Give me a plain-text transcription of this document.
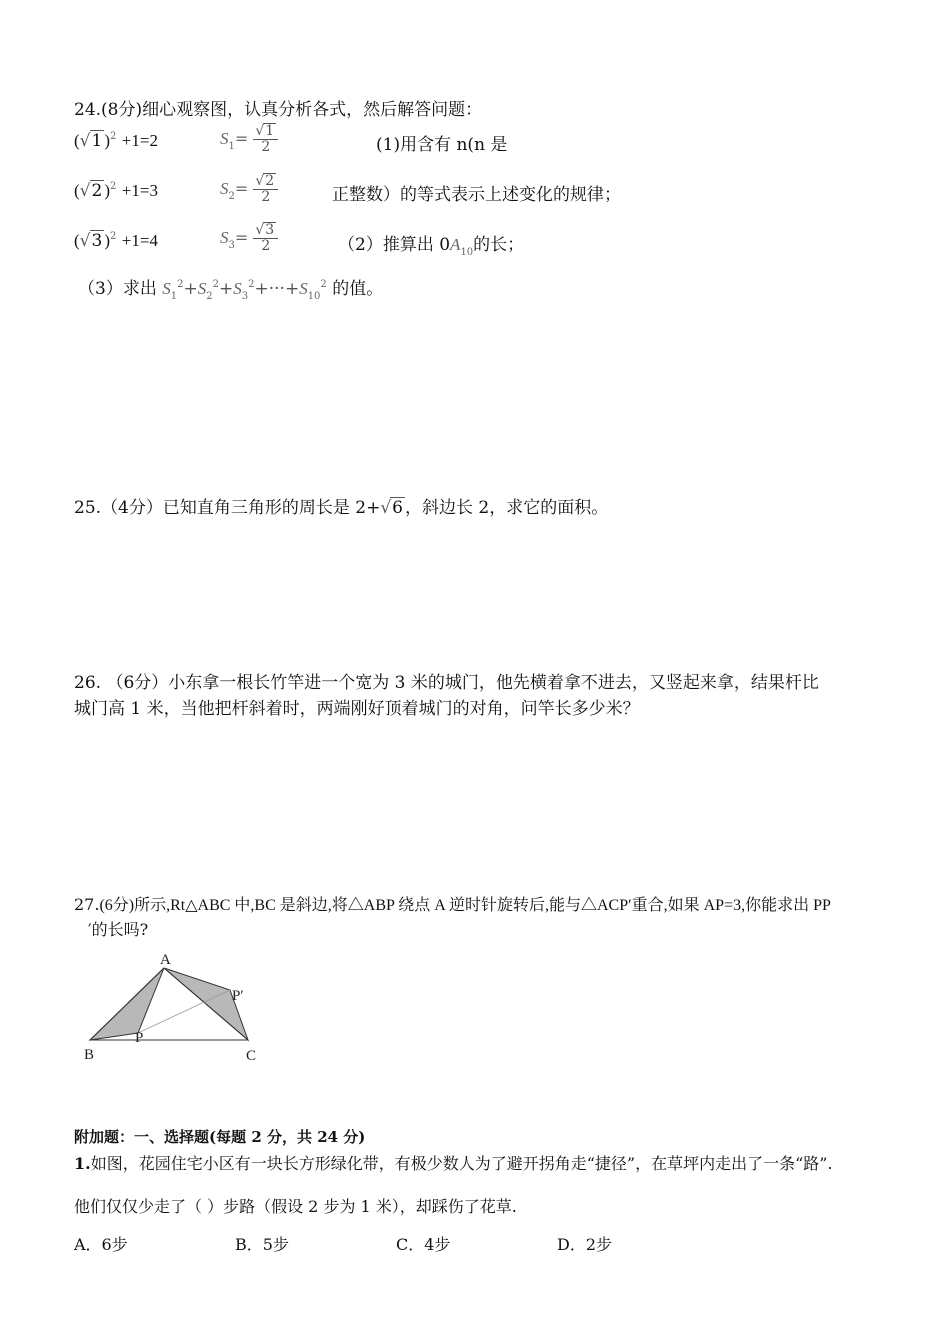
24.(8分)细心观察图，认真分析各式，然后解答问题：
(√1 )$^2$ +1=2	$S_1= \frac{√1}{2}$	(1)用含有 n(n 是
(√2 )$^2$ +1=3	$S_2= \frac{√2}{2}$	正整数）的等式表示上述变化的规律；
(√3 )$^2$ +1=4	$S_3= \frac{√3}{2}$	（2）推算出 $0A_{10}$的长；
（3）求出 $S_1^2+S_2^2+S_3^2+\cdot\cdot\cdot+S_{10}^2$ 的值。
25.（4分）已知直角三角形的周长是 2+√6 ，斜边长 2，求它的面积。
26. （6分）小东拿一根长竹竿进一个宽为 3 米的城门，他先横着拿不进去，又竖起来拿，结果杆比
城门高 1 米，当他把杆斜着时，两端刚好顶着城门的对角，问竿长多少米？
27.(6分)所示,Rt△ABC 中,BC 是斜边,将△ABP 绕点 A 逆时针旋转后,能与△ACP′重合,如果 AP=3,你能求出 PP
′的长吗?
A
B	C
P
P′
附加题：一、选择题(每题 2 分，共 24 分)
1.如图，花园住宅小区有一块长方形绿化带，有极少数人为了避开拐角走“捷径”，在草坪内走出了一条“路”.
他们仅仅少走了（ ）步路（假设 2 步为 1 米），却踩伤了花草.
A．6步	B．5步	C．4步	D．2步
